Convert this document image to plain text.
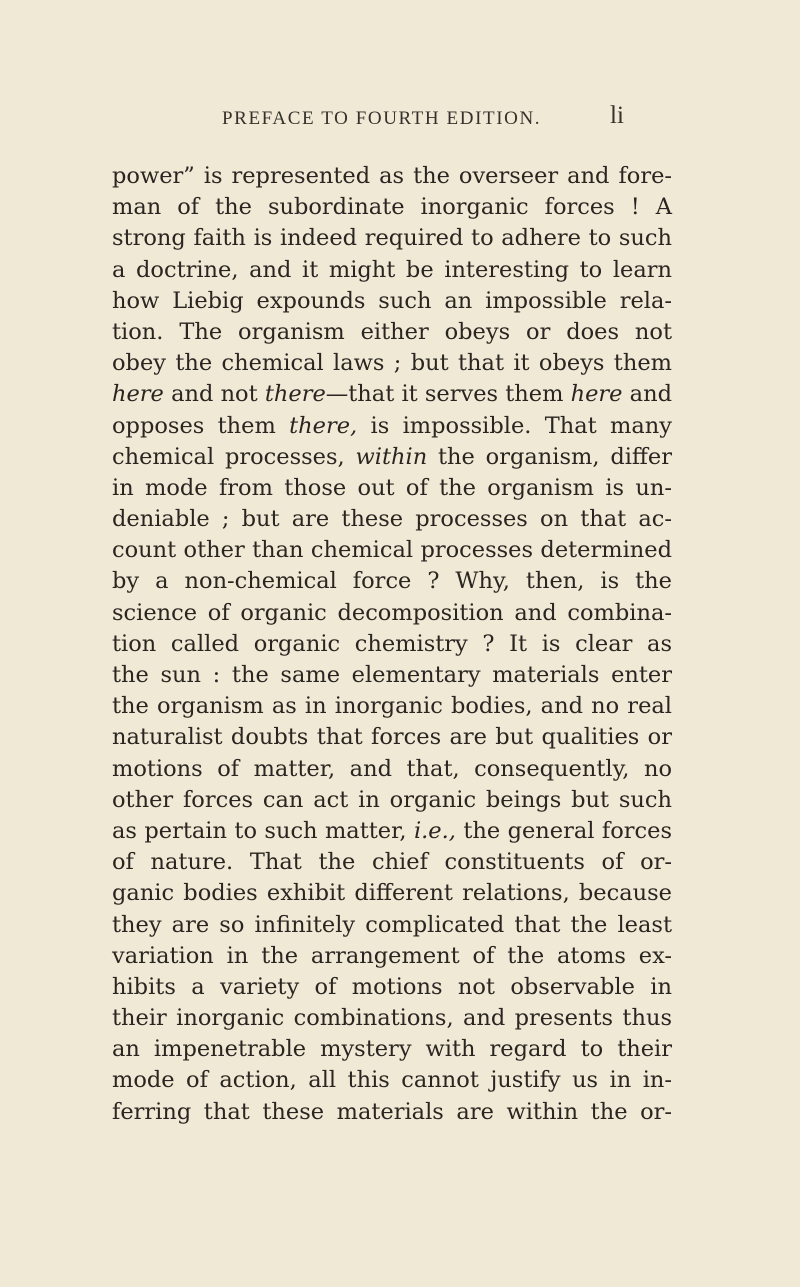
PREFACE TO FOURTH EDITION.	li
power” is represented as the overseer and fore-
man of the subordinate inorganic forces ! A
strong faith is indeed required to adhere to such
a doctrine, and it might be interesting to learn
how Liebig expounds such an impossible rela-
tion. The organism either obeys or does not
obey the chemical laws ; but that it obeys them
here and not there—that it serves them here and
opposes them there, is impossible. That many
chemical processes, within the organism, differ
in mode from those out of the organism is un-
deniable ; but are these processes on that ac-
count other than chemical processes determined
by a non-chemical force ? Why, then, is the
science of organic decomposition and combina-
tion called organic chemistry ? It is clear as
the sun : the same elementary materials enter
the organism as in inorganic bodies, and no real
naturalist doubts that forces are but qualities or
motions of matter, and that, consequently, no
other forces can act in organic beings but such
as pertain to such matter, i.e., the general forces
of nature. That the chief constituents of or-
ganic bodies exhibit different relations, because
they are so infinitely complicated that the least
variation in the arrangement of the atoms ex-
hibits a variety of motions not observable in
their inorganic combinations, and presents thus
an impenetrable mystery with regard to their
mode of action, all this cannot justify us in in-
ferring that these materials are within the or-
